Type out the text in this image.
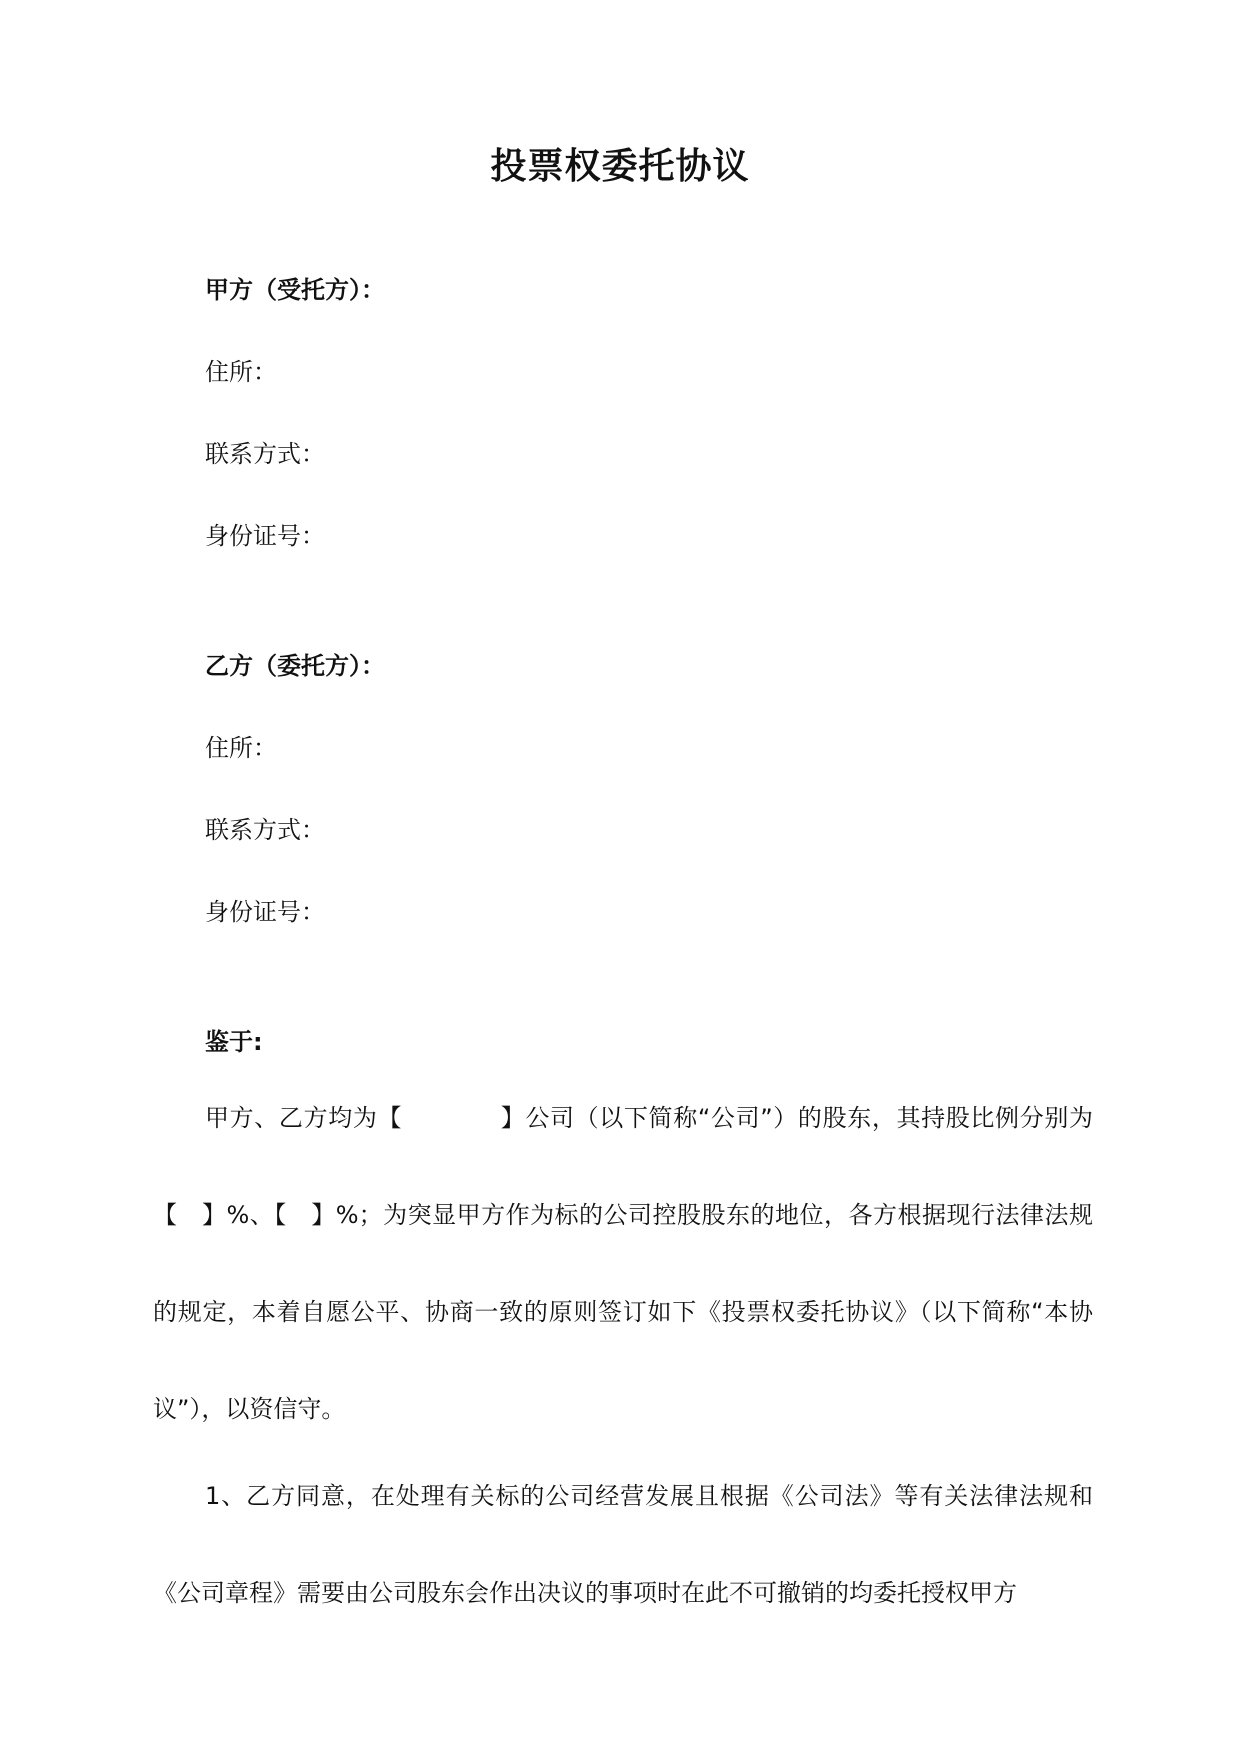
投票权委托协议
甲方（受托方）：
住所：
联系方式：
身份证号：
乙方（委托方）：
住所：
联系方式：
身份证号：
鉴于:
甲方、乙方均为【　　　　】公司（以下简称“公司”）的股东，其持股比例分别为【　】%、【　】%；为突显甲方作为标的公司控股股东的地位，各方根据现行法律法规的规定，本着自愿公平、协商一致的原则签订如下《投票权委托协议》（以下简称“本协议”），以资信守。
1、乙方同意，在处理有关标的公司经营发展且根据《公司法》等有关法律法规和《公司章程》需要由公司股东会作出决议的事项时在此不可撤销的均委托授权甲方
